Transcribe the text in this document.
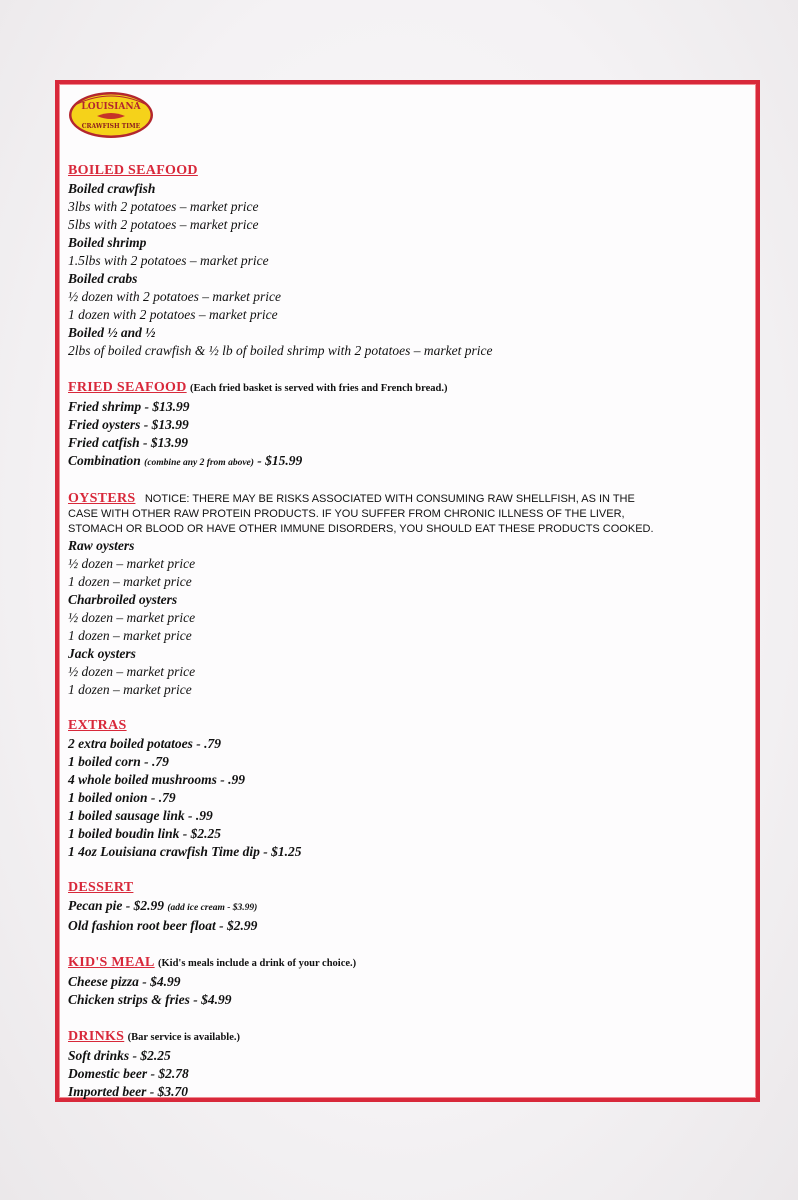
LOUISIANA
CRAWFISH TIME
BOILED SEAFOOD
Boiled crawfish
3lbs with 2 potatoes – market price
5lbs with 2 potatoes – market price
Boiled shrimp
1.5lbs with 2 potatoes – market price
Boiled crabs
½ dozen with 2 potatoes – market price
1 dozen with 2 potatoes – market price
Boiled ½ and ½
2lbs of boiled crawfish & ½ lb of boiled shrimp with 2 potatoes – market price
FRIED SEAFOOD (Each fried basket is served with fries and French bread.)
Fried shrimp - $13.99
Fried oysters - $13.99
Fried catfish - $13.99
Combination (combine any 2 from above) - $15.99
OYSTERS NOTICE: THERE MAY BE RISKS ASSOCIATED WITH CONSUMING RAW SHELLFISH, AS IN THE
CASE WITH OTHER RAW PROTEIN PRODUCTS. IF YOU SUFFER FROM CHRONIC ILLNESS OF THE LIVER,
STOMACH OR BLOOD OR HAVE OTHER IMMUNE DISORDERS, YOU SHOULD EAT THESE PRODUCTS COOKED.
Raw oysters
½ dozen – market price
1 dozen – market price
Charbroiled oysters
½ dozen – market price
1 dozen – market price
Jack oysters
½ dozen – market price
1 dozen – market price
EXTRAS
2 extra boiled potatoes - .79
1 boiled corn - .79
4 whole boiled mushrooms - .99
1 boiled onion - .79
1 boiled sausage link - .99
1 boiled boudin link - $2.25
1 4oz Louisiana crawfish Time dip - $1.25
DESSERT
Pecan pie - $2.99 (add ice cream - $3.99)
Old fashion root beer float - $2.99
KID'S MEAL (Kid's meals include a drink of your choice.)
Cheese pizza - $4.99
Chicken strips & fries - $4.99
DRINKS (Bar service is available.)
Soft drinks - $2.25
Domestic beer - $2.78
Imported beer - $3.70
